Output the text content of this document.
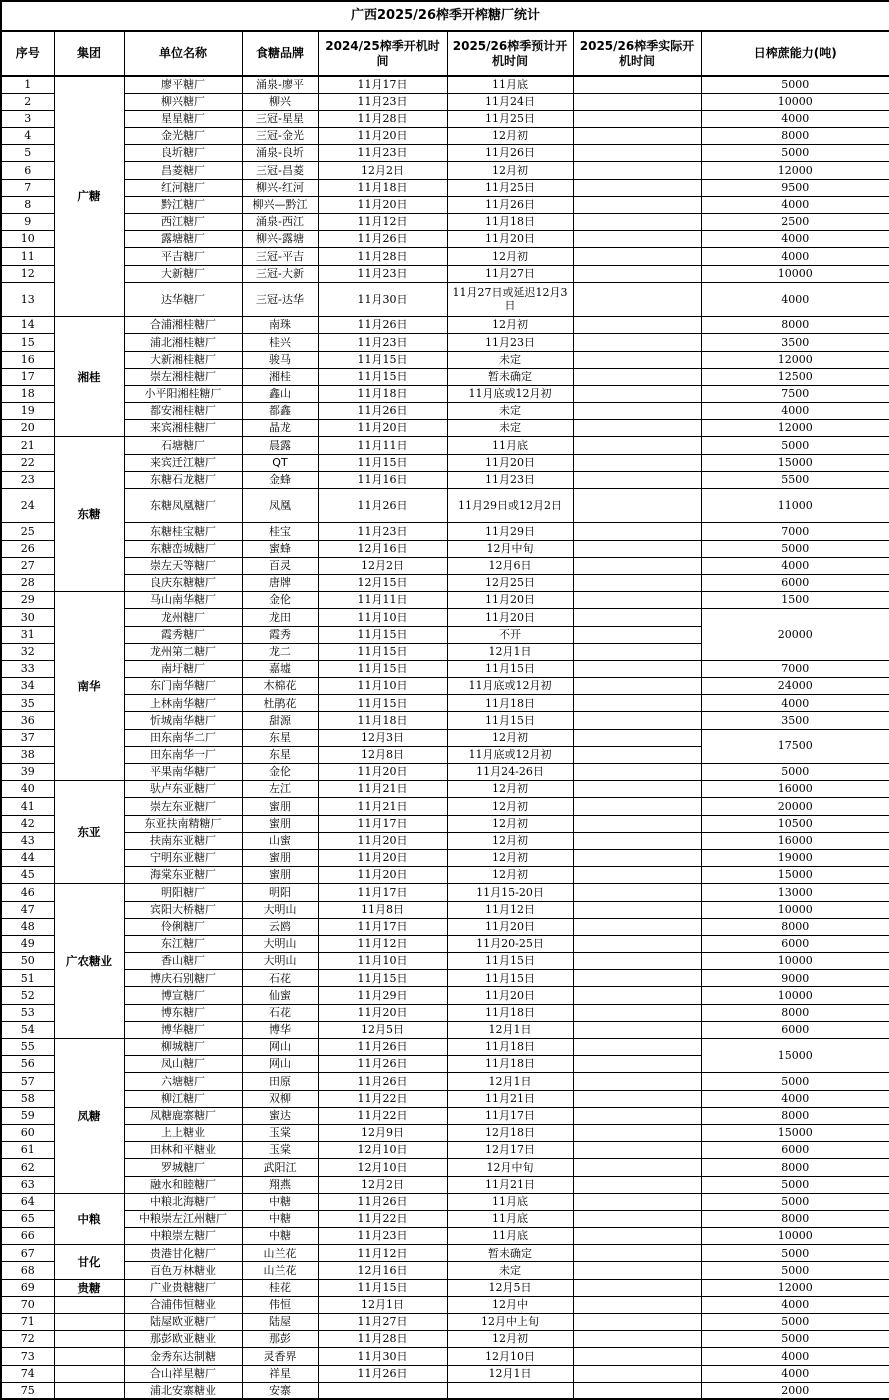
广西2025/26榨季开榨糖厂统计							
序号	集团	单位名称	食糖品牌	2024/25榨季开机时间	2025/26榨季预计开机时间	2025/26榨季实际开机时间	日榨蔗能力(吨)
1	广糖	廖平糖厂	涌泉-廖平	11月17日	11月底		5000
2		柳兴糖厂	柳兴	11月23日	11月24日		10000
3		星星糖厂	三冠-星星	11月28日	11月25日		4000
4		金光糖厂	三冠-金光	11月20日	12月初		8000
5		良圻糖厂	涌泉-良圻	11月23日	11月26日		5000
6		昌菱糖厂	三冠-昌菱	12月2日	12月初		12000
7		红河糖厂	柳兴-红河	11月18日	11月25日		9500
8		黔江糖厂	柳兴—黔江	11月20日	11月26日		4000
9		西江糖厂	涌泉-西江	11月12日	11月18日		2500
10		露塘糖厂	柳兴-露塘	11月26日	11月20日		4000
11		平吉糖厂	三冠-平吉	11月28日	12月初		4000
12		大新糖厂	三冠-大新	11月23日	11月27日		10000
13		达华糖厂	三冠-达华	11月30日	11月27日或延迟12月3日		4000
14	湘桂	合浦湘桂糖厂	南珠	11月26日	12月初		8000
15		浦北湘桂糖厂	桂兴	11月23日	11月23日		3500
16		大新湘桂糖厂	骏马	11月15日	未定		12000
17		崇左湘桂糖厂	湘桂	11月15日	暂未确定		12500
18		小平阳湘桂糖厂	鑫山	11月18日	11月底或12月初		7500
19		都安湘桂糖厂	都鑫	11月26日	未定		4000
20		来宾湘桂糖厂	晶龙	11月20日	未定		12000
21	东糖	石塘糖厂	晨露	11月11日	11月底		5000
22		来宾迁江糖厂	QT	11月15日	11月20日		15000
23		东糖石龙糖厂	金蜂	11月16日	11月23日		5500
24		东糖凤凰糖厂	凤凰	11月26日	11月29日或12月2日		11000
25		东糖桂宝糖厂	桂宝	11月23日	11月29日		7000
26		东糖峦城糖厂	蜜蜂	12月16日	12月中旬		5000
27		崇左天等糖厂	百灵	12月2日	12月6日		4000
28		良庆东糖糖厂	唐牌	12月15日	12月25日		6000
29	南华	马山南华糖厂	金伦	11月11日	11月20日		1500
30		龙州糖厂	龙田	11月10日	11月20日		20000
31		霞秀糖厂	霞秀	11月15日	不开		
32		龙州第二糖厂	龙二	11月15日	12月1日		
33		南圩糖厂	嘉墟	11月15日	11月15日		7000
34		东门南华糖厂	木棉花	11月10日	11月底或12月初		24000
35		上林南华糖厂	杜鹃花	11月15日	11月18日		4000
36		忻城南华糖厂	甜源	11月18日	11月15日		3500
37		田东南华二厂	东星	12月3日	12月初		17500
38		田东南华一厂	东星	12月8日	11月底或12月初		
39		平果南华糖厂	金伦	11月20日	11月24-26日		5000
40	东亚	驮卢东亚糖厂	左江	11月21日	12月初		16000
41		崇左东亚糖厂	蜜朋	11月21日	12月初		20000
42		东亚扶南精糖厂	蜜朋	11月17日	12月初		10500
43		扶南东亚糖厂	山蜜	11月20日	12月初		16000
44		宁明东亚糖厂	蜜朋	11月20日	12月初		19000
45		海棠东亚糖厂	蜜朋	11月20日	12月初		15000
46	广农糖业	明阳糖厂	明阳	11月17日	11月15-20日		13000
47		宾阳大桥糖厂	大明山	11月8日	11月12日		10000
48		伶俐糖厂	云鸥	11月17日	11月20日		8000
49		东江糖厂	大明山	11月12日	11月20-25日		6000
50		香山糖厂	大明山	11月10日	11月15日		10000
51		博庆石别糖厂	石花	11月15日	11月15日		9000
52		博宣糖厂	仙蜜	11月29日	11月20日		10000
53		博东糖厂	石花	11月20日	11月18日		8000
54		博华糖厂	博华	12月5日	12月1日		6000
55	凤糖	柳城糖厂	网山	11月26日	11月18日		15000
56		凤山糖厂	网山	11月26日	11月18日		
57		六塘糖厂	田原	11月26日	12月1日		5000
58		柳江糖厂	双柳	11月22日	11月21日		4000
59		凤糖鹿寨糖厂	蜜达	11月22日	11月17日		8000
60		上上糖业	玉棠	12月9日	12月18日		15000
61		田林和平糖业	玉棠	12月10日	12月17日		6000
62		罗城糖厂	武阳江	12月10日	12月中旬		8000
63		融水和睦糖厂	翔燕	12月2日	11月21日		5000
64	中粮	中粮北海糖厂	中糖	11月26日	11月底		5000
65		中粮崇左江州糖厂	中糖	11月22日	11月底		8000
66		中粮崇左糖厂	中糖	11月23日	11月底		10000
67	甘化	贵港甘化糖厂	山兰花	11月12日	暂未确定		5000
68		百色万林糖业	山兰花	12月16日	未定		5000
69	贵糖	广业贵糖糖厂	桂花	11月15日	12月5日		12000
70		合浦伟恒糖业	伟恒	12月1日	12月中		4000
71		陆屋欧亚糖厂	陆屋	11月27日	12月中上旬		5000
72		那彭欧亚糖业	那彭	11月28日	12月初		5000
73		金秀东达制糖	灵香界	11月30日	12月10日		4000
74		合山祥星糖厂	祥星	11月26日	12月1日		4000
75		浦北安寨糖业	安寨				2000
